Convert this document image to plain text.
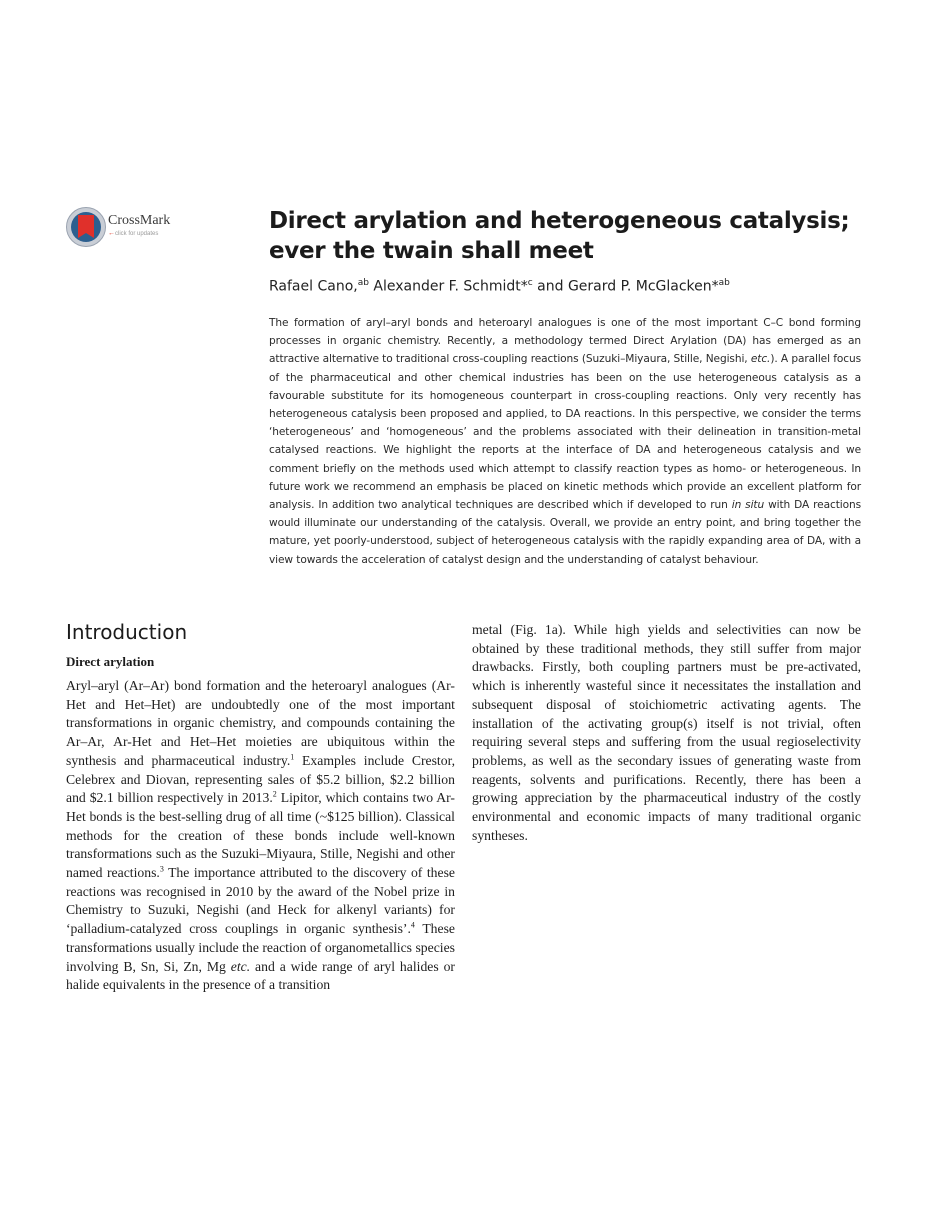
CrossMark
←click for updates	Direct arylation and heterogeneous catalysis; ever the twain shall meet
Rafael Cano,$^{ab}$ Alexander F. Schmidt*$^c$ and Gerard P. McGlacken*$^{ab}$

The formation of aryl–aryl bonds and heteroaryl analogues is one of the most important C–C bond forming processes in organic chemistry. Recently, a methodology termed Direct Arylation (DA) has emerged as an attractive alternative to traditional cross-coupling reactions (Suzuki–Miyaura, Stille, Negishi, etc.). A parallel focus of the pharmaceutical and other chemical industries has been on the use heterogeneous catalysis as a favourable substitute for its homogeneous counterpart in cross-coupling reactions. Only very recently has heterogeneous catalysis been proposed and applied, to DA reactions. In this perspective, we consider the terms ‘heterogeneous’ and ‘homogeneous’ and the problems associated with their delineation in transition-metal catalysed reactions. We highlight the reports at the interface of DA and heterogeneous catalysis and we comment briefly on the methods used which attempt to classify reaction types as homo- or heterogeneous. In future work we recommend an emphasis be placed on kinetic methods which provide an excellent platform for analysis. In addition two analytical techniques are described which if developed to run in situ with DA reactions would illuminate our understanding of the catalysis. Overall, we provide an entry point, and bring together the mature, yet poorly-understood, subject of heterogeneous catalysis with the rapidly expanding area of DA, with a view towards the acceleration of catalyst design and the understanding of catalyst behaviour.

Introduction
Direct arylation

Aryl–aryl (Ar–Ar) bond formation and the heteroaryl analogues (Ar-Het and Het–Het) are undoubtedly one of the most important transformations in organic chemistry, and compounds containing the Ar–Ar, Ar-Het and Het–Het moieties are ubiquitous within the synthesis and pharmaceutical industry.$^1$ Examples include Crestor, Celebrex and Diovan, representing sales of $5.2 billion, $2.2 billion and $2.1 billion respectively in 2013.$^2$ Lipitor, which contains two Ar-Het bonds is the best-selling drug of all time (~$125 billion). Classical methods for the creation of these bonds include well-known transformations such as the Suzuki–Miyaura, Stille, Negishi and other named reactions.$^3$ The importance attributed to the discovery of these reactions was recognised in 2010 by the award of the Nobel prize in Chemistry to Suzuki, Negishi (and Heck for alkenyl variants) for ‘palladium-catalyzed cross couplings in organic synthesis’.$^4$ These transformations usually include the reaction of organometallics species involving B, Sn, Si, Zn, Mg etc. and a wide range of aryl halides or halide equivalents in the presence of a transition

metal (Fig. 1a). While high yields and selectivities can now be obtained by these traditional methods, they still suffer from major drawbacks. Firstly, both coupling partners must be pre-activated, which is inherently wasteful since it necessitates the installation and subsequent disposal of stoichiometric activating agents. The installation of the activating group(s) itself is not trivial, often requiring several steps and suffering from the usual regioselectivity problems, as well as the secondary issues of generating waste from reagents, solvents and purifications. Recently, there has been a growing appreciation by the pharmaceutical industry of the costly environmental and economic impacts of many traditional organic syntheses.
